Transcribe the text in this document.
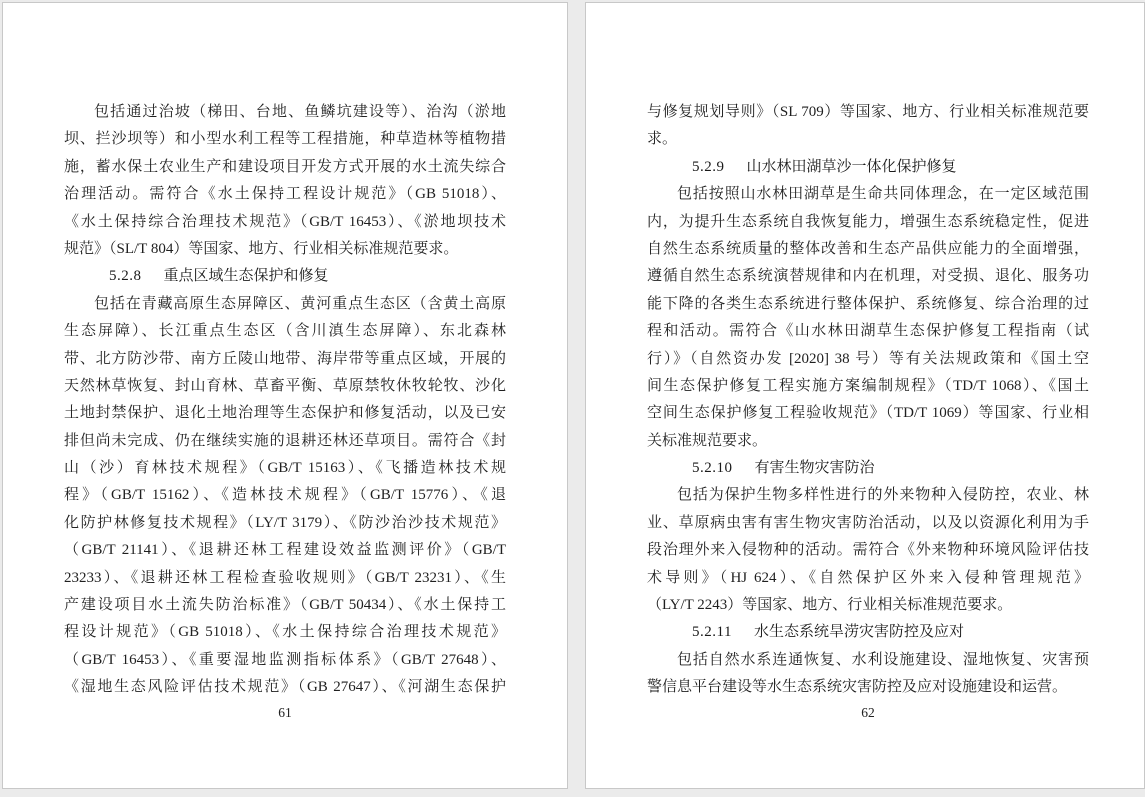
包括通过治坡（梯田、台地、鱼鳞坑建设等）、治沟（淤地
坝、拦沙坝等）和小型水利工程等工程措施，种草造林等植物措
施，蓄水保土农业生产和建设项目开发方式开展的水土流失综合
治理活动。需符合《水土保持工程设计规范》（GB 51018）、
《水土保持综合治理技术规范》（GB/T 16453）、《淤地坝技术
规范》（SL/T 804）等国家、地方、行业相关标准规范要求。
5.2.8 重点区域生态保护和修复
包括在青藏高原生态屏障区、黄河重点生态区（含黄土高原
生态屏障）、长江重点生态区（含川滇生态屏障）、东北森林
带、北方防沙带、南方丘陵山地带、海岸带等重点区域，开展的
天然林草恢复、封山育林、草畜平衡、草原禁牧休牧轮牧、沙化
土地封禁保护、退化土地治理等生态保护和修复活动，以及已安
排但尚未完成、仍在继续实施的退耕还林还草项目。需符合《封
山（沙）育林技术规程》（GB/T 15163）、《飞播造林技术规
程》（GB/T 15162）、《造林技术规程》（GB/T 15776）、《退
化防护林修复技术规程》（LY/T 3179）、《防沙治沙技术规范》
（GB/T 21141）、《退耕还林工程建设效益监测评价》（GB/T
23233）、《退耕还林工程检查验收规则》（GB/T 23231）、《生
产建设项目水土流失防治标准》（GB/T 50434）、《水土保持工
程设计规范》（GB 51018）、《水土保持综合治理技术规范》
（GB/T 16453）、《重要湿地监测指标体系》（GB/T 27648）、
《湿地生态风险评估技术规范》（GB 27647）、《河湖生态保护
61
与修复规划导则》（SL 709）等国家、地方、行业相关标准规范要
求。
5.2.9 山水林田湖草沙一体化保护修复
包括按照山水林田湖草是生命共同体理念，在一定区域范围
内，为提升生态系统自我恢复能力，增强生态系统稳定性，促进
自然生态系统质量的整体改善和生态产品供应能力的全面增强，
遵循自然生态系统演替规律和内在机理，对受损、退化、服务功
能下降的各类生态系统进行整体保护、系统修复、综合治理的过
程和活动。需符合《山水林田湖草生态保护修复工程指南（试
行）》（自然资办发 [2020] 38 号）等有关法规政策和《国土空
间生态保护修复工程实施方案编制规程》（TD/T 1068）、《国土
空间生态保护修复工程验收规范》（TD/T 1069）等国家、行业相
关标准规范要求。
5.2.10 有害生物灾害防治
包括为保护生物多样性进行的外来物种入侵防控，农业、林
业、草原病虫害有害生物灾害防治活动，以及以资源化利用为手
段治理外来入侵物种的活动。需符合《外来物种环境风险评估技
术导则》（HJ 624）、《自然保护区外来入侵种管理规范》
（LY/T 2243）等国家、地方、行业相关标准规范要求。
5.2.11 水生态系统旱涝灾害防控及应对
包括自然水系连通恢复、水利设施建设、湿地恢复、灾害预
警信息平台建设等水生态系统灾害防控及应对设施建设和运营。
62
